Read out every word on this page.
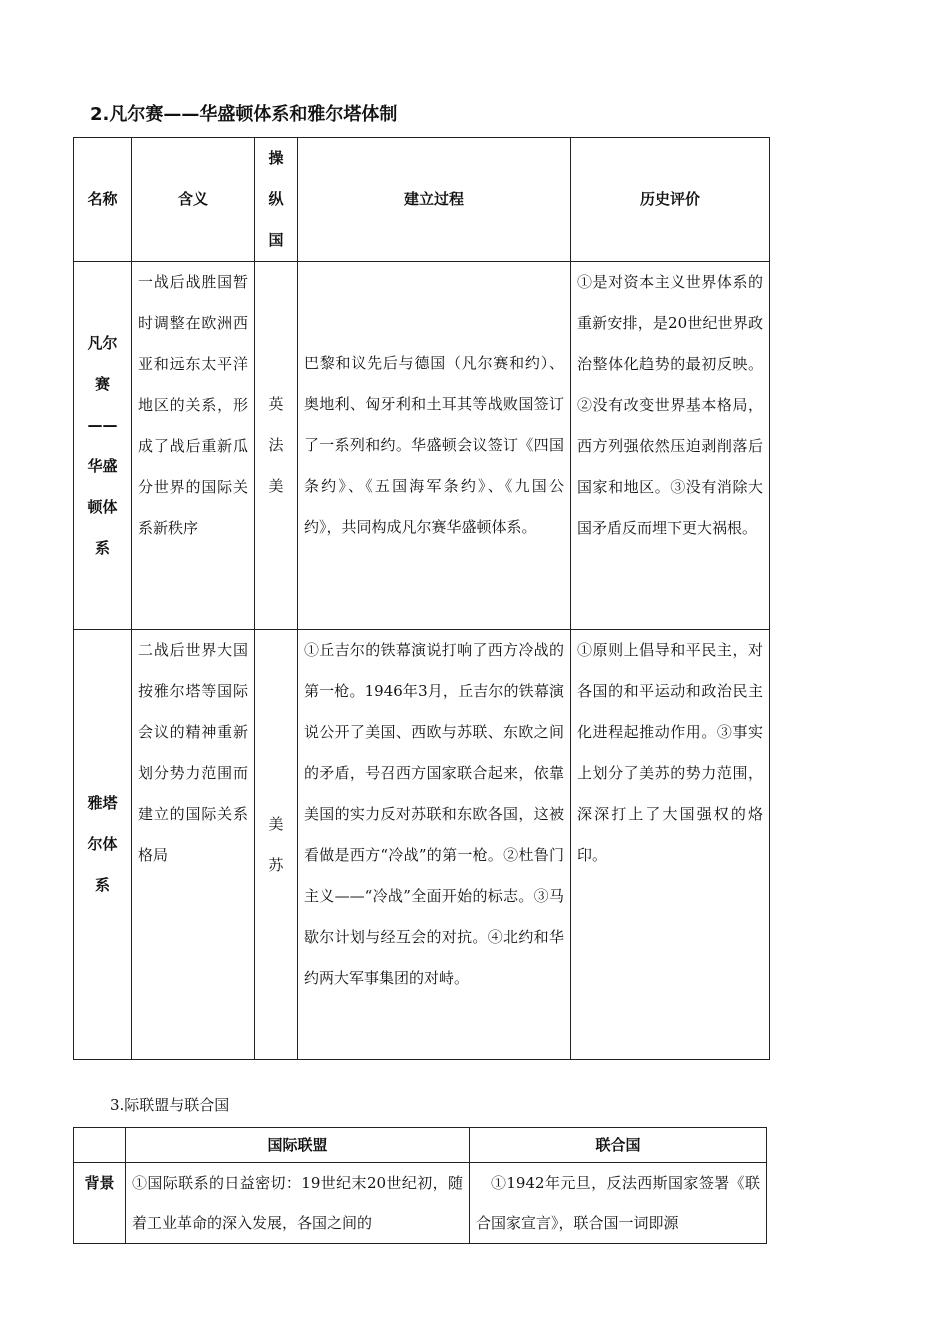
2.凡尔赛——华盛顿体系和雅尔塔体制
名称	含义	操纵国	建立过程	历史评价
凡尔赛——华盛顿体系	一战后战胜国暂时调整在欧洲西亚和远东太平洋地区的关系，形成了战后重新瓜分世界的国际关系新秩序	英法美	巴黎和议先后与德国（凡尔赛和约）、奥地利、匈牙利和土耳其等战败国签订了一系列和约。华盛顿会议签订《四国条约》、《五国海军条约》、《九国公约》，共同构成凡尔赛华盛顿体系。	①是对资本主义世界体系的重新安排，是20世纪世界政治整体化趋势的最初反映。②没有改变世界基本格局，西方列强依然压迫剥削落后国家和地区。③没有消除大国矛盾反而埋下更大祸根。
雅塔尔体系	二战后世界大国按雅尔塔等国际会议的精神重新划分势力范围而建立的国际关系格局	美苏	①丘吉尔的铁幕演说打响了西方冷战的第一枪。1946年3月，丘吉尔的铁幕演说公开了美国、西欧与苏联、东欧之间的矛盾，号召西方国家联合起来，依靠美国的实力反对苏联和东欧各国，这被看做是西方“冷战”的第一枪。②杜鲁门主义——“冷战”全面开始的标志。③马歇尔计划与经互会的对抗。④北约和华约两大军事集团的对峙。	①原则上倡导和平民主，对各国的和平运动和政治民主化进程起推动作用。③事实上划分了美苏的势力范围，深深打上了大国强权的烙印。
3.际联盟与联合国
	国际联盟	联合国
背景	①国际联系的日益密切：19世纪末20世纪初，随着工业革命的深入发展，各国之间的	①1942年元旦，反法西斯国家签署《联合国家宣言》，联合国一词即源
